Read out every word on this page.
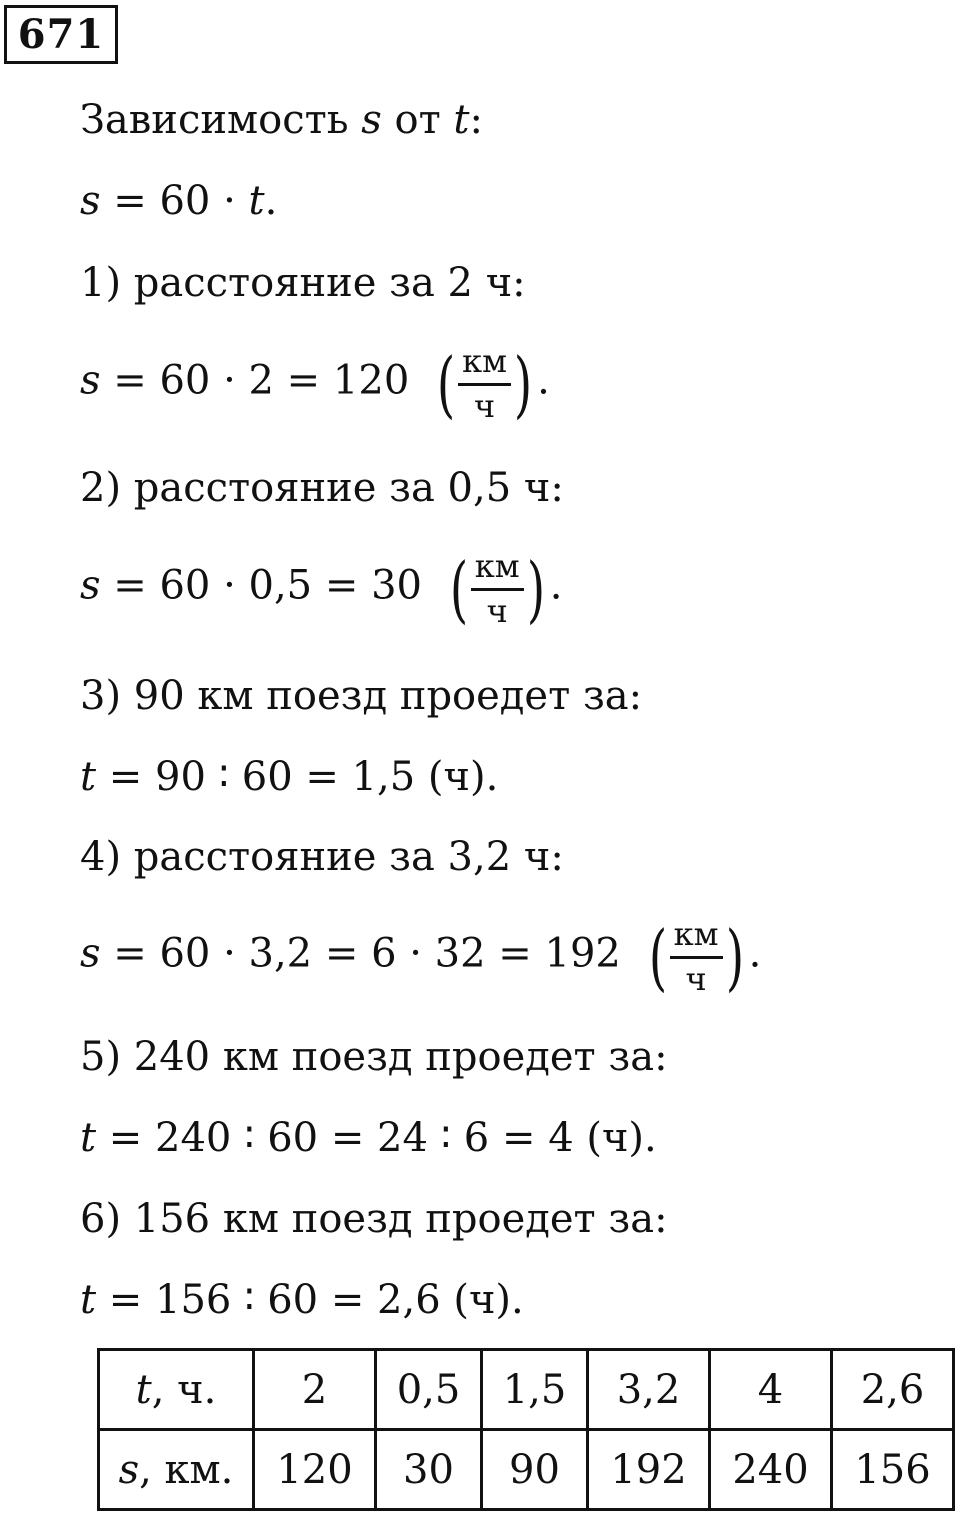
671
Зависимость s от t:
s = 60 · t.
1) расстояние за 2 ч:
s = 60 · 2 = 120 ( $\frac{км}{ч}$ ) .
2) расстояние за 0,5 ч:
s = 60 · 0,5 = 30 ( $\frac{км}{ч}$ ) .
3) 90 км поезд проедет за:
t = 90 ∶ 60 = 1,5 (ч).
4) расстояние за 3,2 ч:
s = 60 · 3,2 = 6 · 32 = 192 ( $\frac{км}{ч}$ ) .
5) 240 км поезд проедет за:
t = 240 ∶ 60 = 24 ∶ 6 = 4 (ч).
6) 156 км поезд проедет за:
t = 156 ∶ 60 = 2,6 (ч).
t, ч.	2	0,5	1,5	3,2	4	2,6
s, км.	120	30	90	192	240	156
